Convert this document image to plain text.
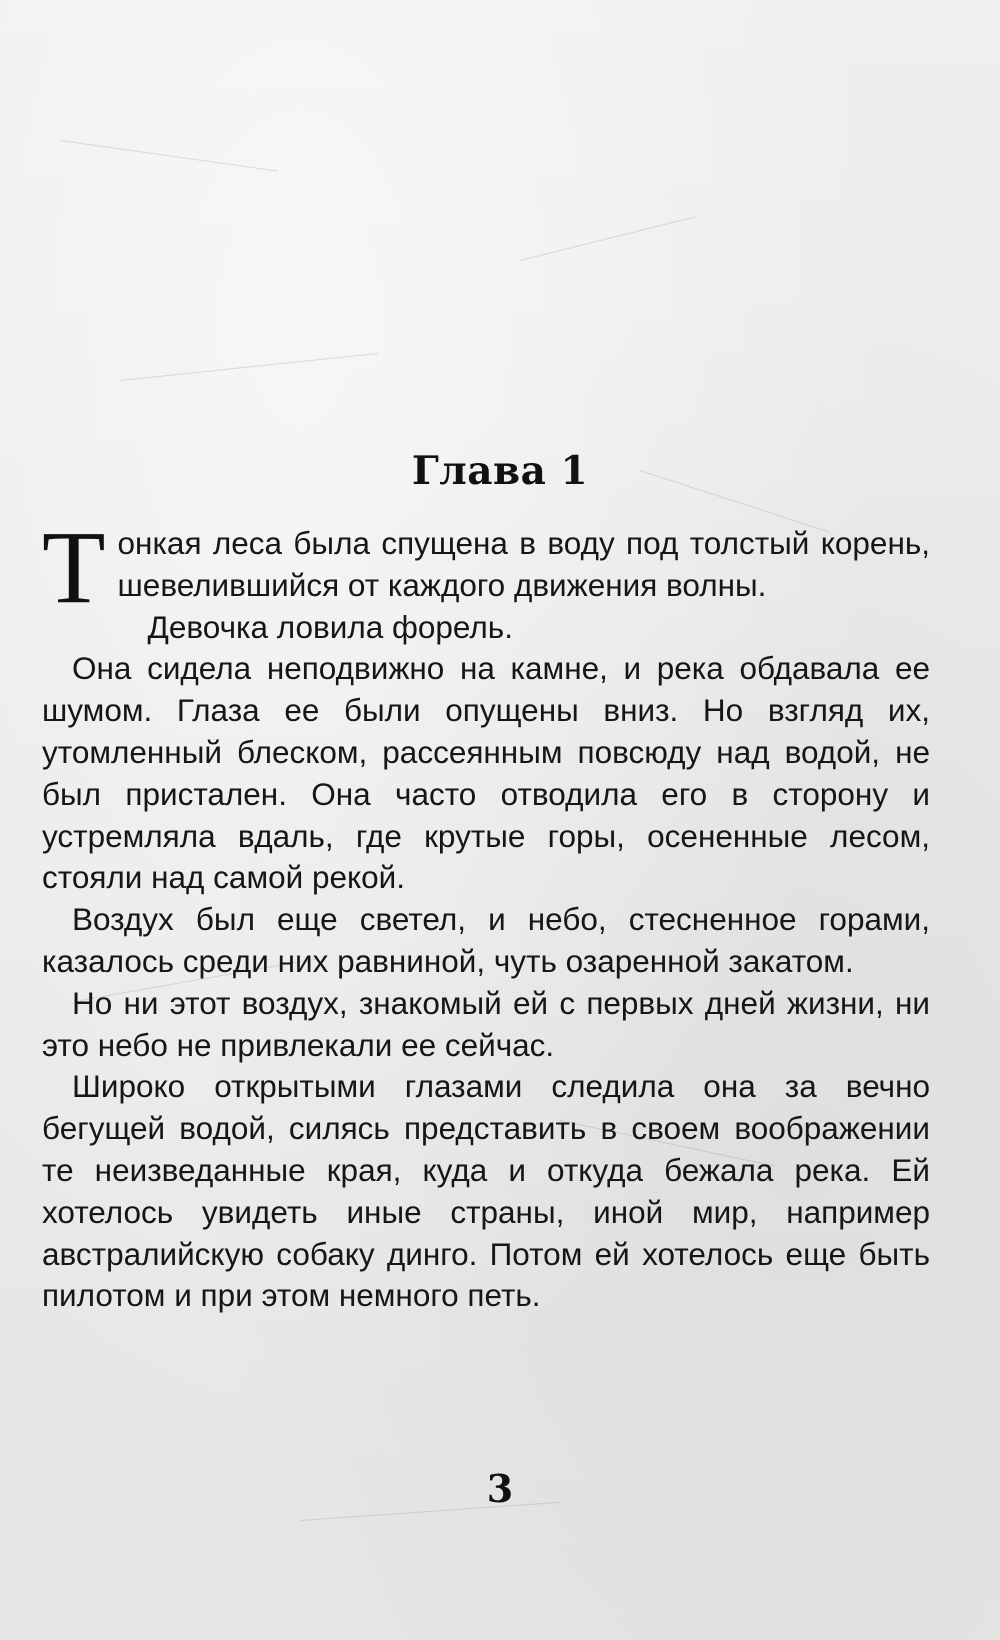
Глава 1

Тонкая леса была спущена в воду под толстый корень, шевелившийся от каждого движения волны.

Девочка ловила форель.

Она сидела неподвижно на камне, и река обдавала ее шумом. Глаза ее были опущены вниз. Но взгляд их, утомленный блеском, рассеянным повсюду над водой, не был пристален. Она часто отводила его в сторону и устремляла вдаль, где крутые горы, осененные лесом, стояли над самой рекой.

Воздух был еще светел, и небо, стесненное горами, казалось среди них равниной, чуть озаренной закатом.

Но ни этот воздух, знакомый ей с первых дней жизни, ни это небо не привлекали ее сейчас.

Широко открытыми глазами следила она за вечно бегущей водой, силясь представить в своем воображении те неизведанные края, куда и откуда бежала река. Ей хотелось увидеть иные страны, иной мир, например австралийскую собаку динго. Потом ей хотелось еще быть пилотом и при этом немного петь.

3
